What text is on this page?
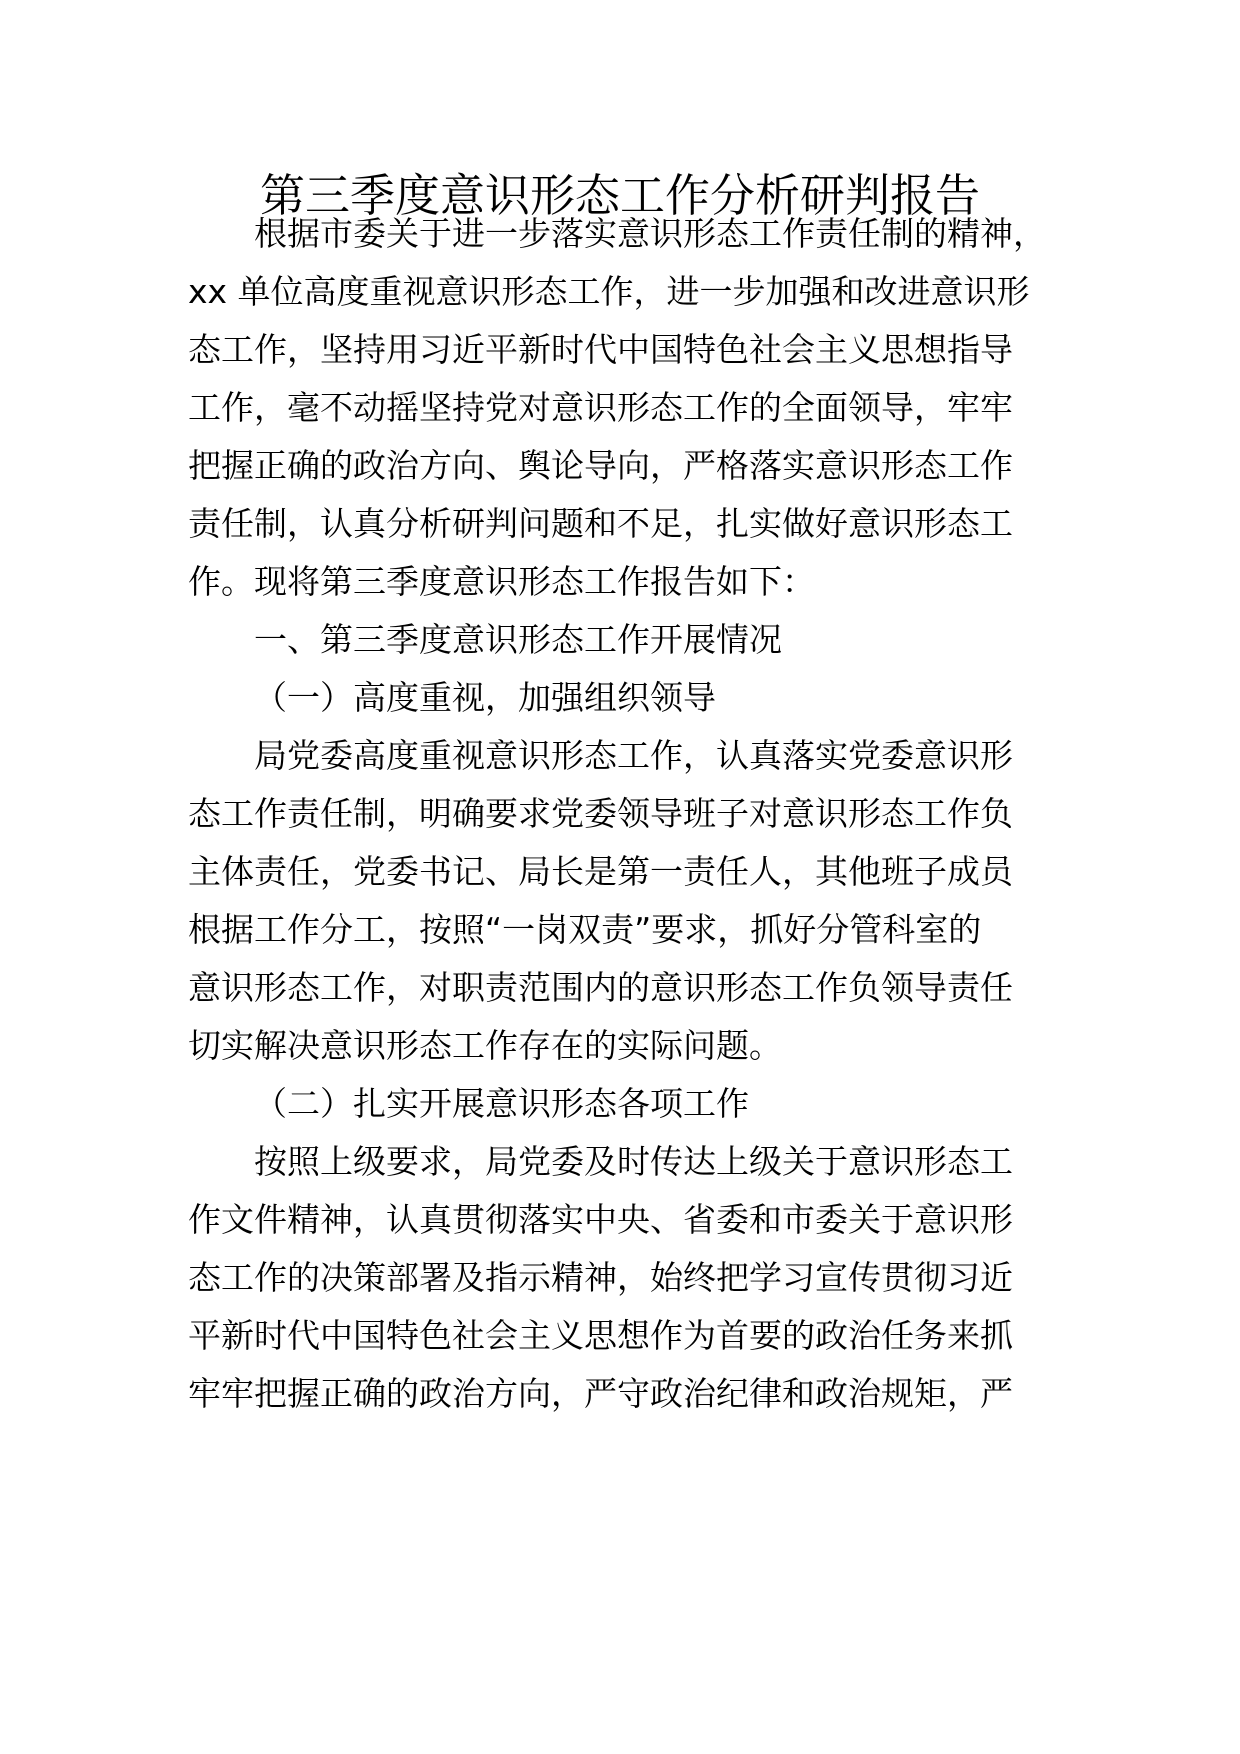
第三季度意识形态工作分析研判报告
根据市委关于进一步落实意识形态工作责任制的精神，
xx 单位高度重视意识形态工作，进一步加强和改进意识形
态工作，坚持用习近平新时代中国特色社会主义思想指导
工作，毫不动摇坚持党对意识形态工作的全面领导，牢牢
把握正确的政治方向、舆论导向，严格落实意识形态工作
责任制，认真分析研判问题和不足，扎实做好意识形态工
作。现将第三季度意识形态工作报告如下：
一、第三季度意识形态工作开展情况
（一）高度重视，加强组织领导
局党委高度重视意识形态工作，认真落实党委意识形
态工作责任制，明确要求党委领导班子对意识形态工作负
主体责任，党委书记、局长是第一责任人，其他班子成员
根据工作分工，按照“一岗双责”要求，抓好分管科室的
意识形态工作，对职责范围内的意识形态工作负领导责任
切实解决意识形态工作存在的实际问题。
（二）扎实开展意识形态各项工作
按照上级要求，局党委及时传达上级关于意识形态工
作文件精神，认真贯彻落实中央、省委和市委关于意识形
态工作的决策部署及指示精神，始终把学习宣传贯彻习近
平新时代中国特色社会主义思想作为首要的政治任务来抓
牢牢把握正确的政治方向，严守政治纪律和政治规矩，严
